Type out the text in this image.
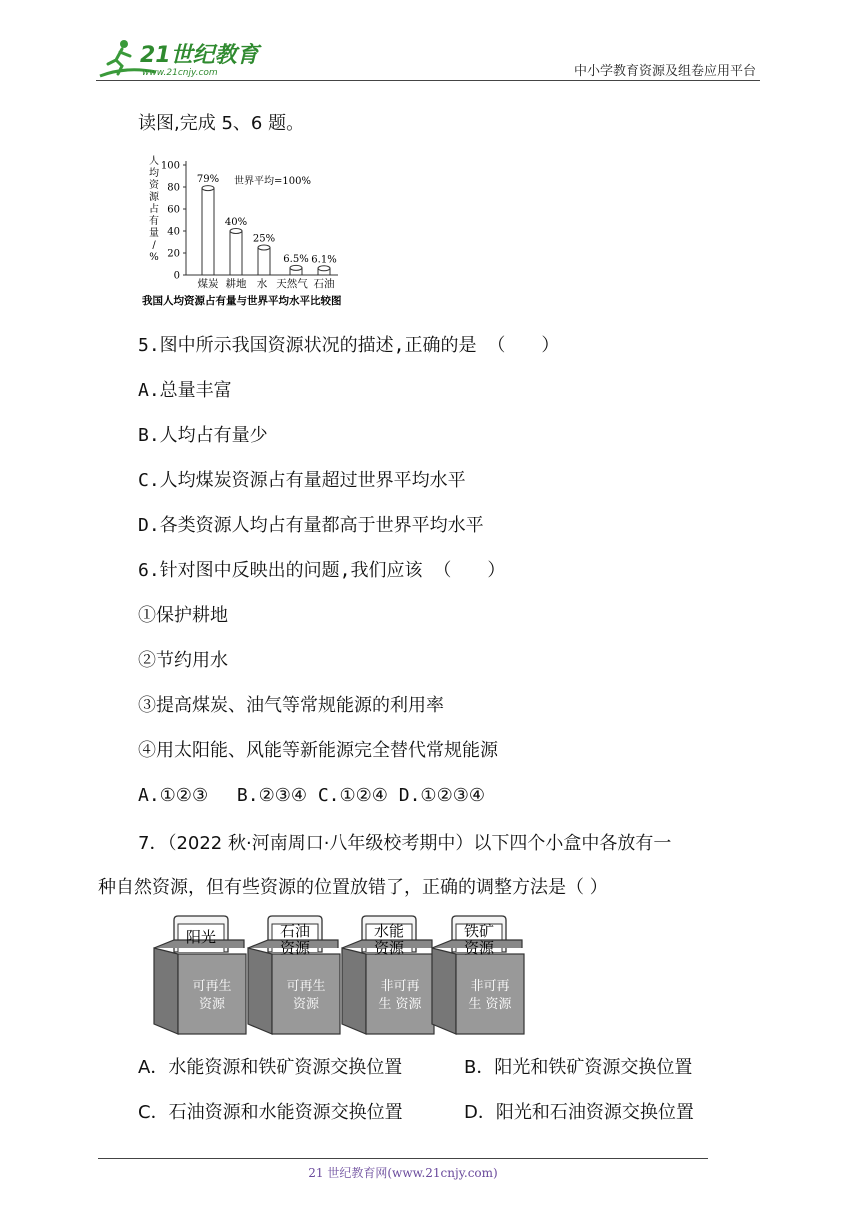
21世纪教育
www.21cnjy.com	中小学教育资源及组卷应用平台
读图,完成 5、6 题。
人
均
资
源
占
有
量
/
%
0
20
40
60
80
100
世界平均=100%
79%
40%
25%
6.5% 6.1%
煤炭 耕地 水 天然气 石油
我国人均资源占有量与世界平均水平比较图
5.图中所示我国资源状况的描述,正确的是 （　　）
A.总量丰富
B.人均占有量少
C.人均煤炭资源占有量超过世界平均水平
D.各类资源人均占有量都高于世界平均水平
6.针对图中反映出的问题,我们应该 （　　）
①保护耕地
②节约用水
③提高煤炭、油气等常规能源的利用率
④用太阳能、风能等新能源完全替代常规能源
A.①②③　 B.②③④ C.①②④ D.①②③④
7．（2022 秋·河南周口·八年级校考期中）以下四个小盒中各放有一
种自然资源，但有些资源的位置放错了，正确的调整方法是（ ）
阳光
可再生
资源
石油
资源
可再生
资源
水能
资源
非可再
生 资源
铁矿
资源
非可再
生 资源
A．水能资源和铁矿资源交换位置	B．阳光和铁矿资源交换位置
C．石油资源和水能资源交换位置	D．阳光和石油资源交换位置
21 世纪教育网(www.21cnjy.com)
